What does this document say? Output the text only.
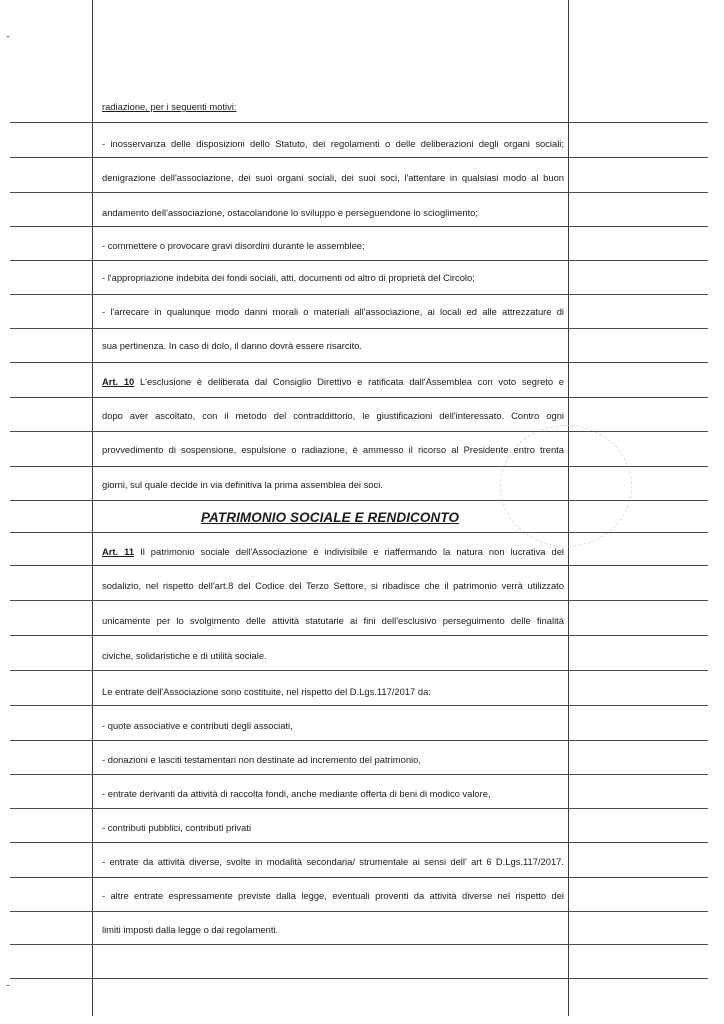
radiazione, per i seguenti motivi:
- inosservanza delle disposizioni dello Statuto, dei regolamenti o delle deliberazioni degli organi sociali;
denigrazione dell'associazione, dei suoi organi sociali, dei suoi soci, l'attentare in qualsiasi modo al buon
andamento dell'associazione, ostacolandone lo sviluppo e perseguendone lo scioglimento;
- commettere o provocare gravi disordini durante le assemblee;
- l'appropriazione indebita dei fondi sociali, atti, documenti od altro di proprietà del Circolo;
- l'arrecare in qualunque modo danni morali o materiali all'associazione, ai locali ed alle attrezzature di
sua pertinenza. In caso di dolo, il danno dovrà essere risarcito.
Art. 10 L'esclusione è deliberata dal Consiglio Direttivo e ratificata dall'Assemblea con voto segreto e
dopo aver ascoltato, con il metodo del contraddittorio, le giustificazioni dell'interessato. Contro ogni
provvedimento di sospensione, espulsione o radiazione, è ammesso il ricorso al Presidente entro trenta
giorni, sul quale decide in via definitiva la prima assemblea dei soci.
Art. 11 Il patrimonio sociale dell'Associazione è indivisibile e riaffermando la natura non lucrativa del
sodalizio, nel rispetto dell'art.8 del Codice del Terzo Settore, si ribadisce che il patrimonio verrà utilizzato
unicamente per lo svolgimento delle attività statutarie ai fini dell'esclusivo perseguimento delle finalità
civiche, solidaristiche e di utilità sociale.
Le entrate dell'Associazione sono costituite, nel rispetto del D.Lgs.117/2017 da:
- quote associative e contributi degli associati,
- donazioni e lasciti testamentari non destinate ad incremento del patrimonio,
- entrate derivanti da attività di raccolta fondi, anche mediante offerta di beni di modico valore,
- contributi pubblici, contributi privati
- entrate da attività diverse, svolte in modalità secondaria/ strumentale ai sensi dell' art 6 D.Lgs.117/2017.
- altre entrate espressamente previste dalla legge, eventuali proventi da attività diverse nel rispetto dei
limiti imposti dalla legge o dai regolamenti.
PATRIMONIO SOCIALE E RENDICONTO
